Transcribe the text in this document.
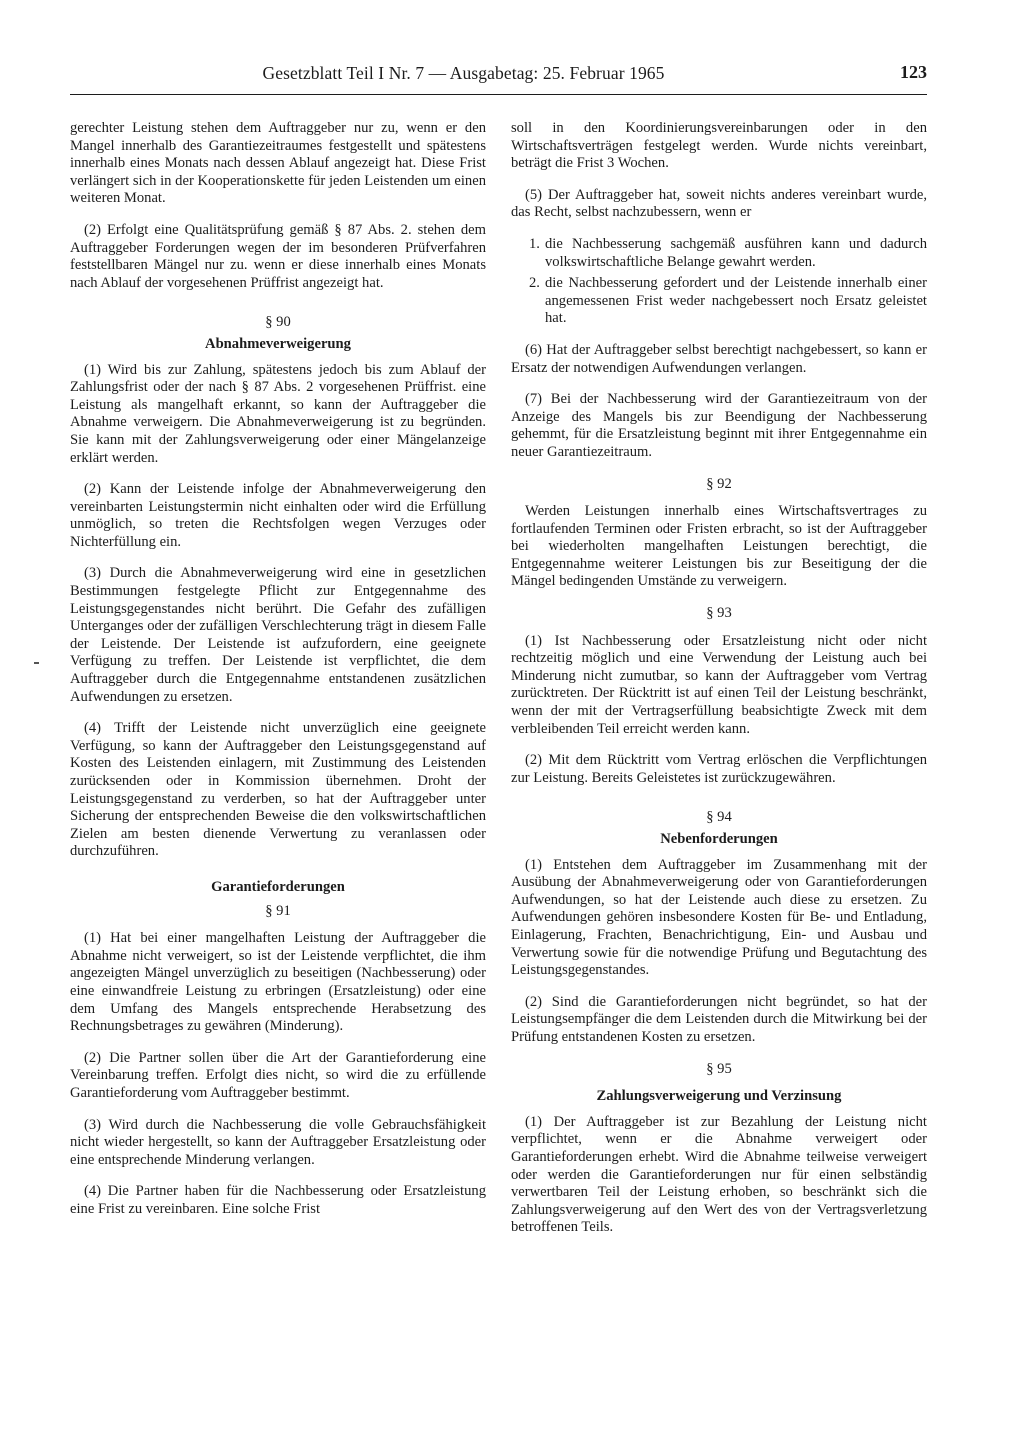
Gesetzblatt Teil I Nr. 7 — Ausgabetag: 25. Februar 1965	123

gerechter Leistung stehen dem Auftraggeber nur zu, wenn er den Mangel innerhalb des Garantiezeitraumes festgestellt und spätestens innerhalb eines Monats nach dessen Ablauf angezeigt hat. Diese Frist verlängert sich in der Kooperationskette für jeden Leistenden um einen weiteren Monat.

(2) Erfolgt eine Qualitätsprüfung gemäß § 87 Abs. 2. stehen dem Auftraggeber Forderungen wegen der im besonderen Prüfverfahren feststellbaren Mängel nur zu. wenn er diese innerhalb eines Monats nach Ablauf der vorgesehenen Prüffrist angezeigt hat.

§ 90
Abnahmeverweigerung

(1) Wird bis zur Zahlung, spätestens jedoch bis zum Ablauf der Zahlungsfrist oder der nach § 87 Abs. 2 vorgesehenen Prüffrist. eine Leistung als mangelhaft erkannt, so kann der Auftraggeber die Abnahme verweigern. Die Abnahmeverweigerung ist zu begründen. Sie kann mit der Zahlungsverweigerung oder einer Mängelanzeige erklärt werden.

(2) Kann der Leistende infolge der Abnahmeverweigerung den vereinbarten Leistungstermin nicht einhalten oder wird die Erfüllung unmöglich, so treten die Rechtsfolgen wegen Verzuges oder Nichterfüllung ein.

(3) Durch die Abnahmeverweigerung wird eine in gesetzlichen Bestimmungen festgelegte Pflicht zur Entgegennahme des Leistungsgegenstandes nicht berührt. Die Gefahr des zufälligen Unterganges oder der zufälligen Verschlechterung trägt in diesem Falle der Leistende. Der Leistende ist aufzufordern, eine geeignete Verfügung zu treffen. Der Leistende ist verpflichtet, die dem Auftraggeber durch die Entgegennahme entstandenen zusätzlichen Aufwendungen zu ersetzen.

(4) Trifft der Leistende nicht unverzüglich eine geeignete Verfügung, so kann der Auftraggeber den Leistungsgegenstand auf Kosten des Leistenden einlagern, mit Zustimmung des Leistenden zurücksenden oder in Kommission übernehmen. Droht der Leistungsgegenstand zu verderben, so hat der Auftraggeber unter Sicherung der entsprechenden Beweise die den volkswirtschaftlichen Zielen am besten dienende Verwertung zu veranlassen oder durchzuführen.

Garantieforderungen
§ 91

(1) Hat bei einer mangelhaften Leistung der Auftraggeber die Abnahme nicht verweigert, so ist der Leistende verpflichtet, die ihm angezeigten Mängel unverzüglich zu beseitigen (Nachbesserung) oder eine einwandfreie Leistung zu erbringen (Ersatzleistung) oder eine dem Umfang des Mangels entsprechende Herabsetzung des Rechnungsbetrages zu gewähren (Minderung).

(2) Die Partner sollen über die Art der Garantieforderung eine Vereinbarung treffen. Erfolgt dies nicht, so wird die zu erfüllende Garantieforderung vom Auftraggeber bestimmt.

(3) Wird durch die Nachbesserung die volle Gebrauchsfähigkeit nicht wieder hergestellt, so kann der Auftraggeber Ersatzleistung oder eine entsprechende Minderung verlangen.

(4) Die Partner haben für die Nachbesserung oder Ersatzleistung eine Frist zu vereinbaren. Eine solche Frist

soll in den Koordinierungsvereinbarungen oder in den Wirtschaftsverträgen festgelegt werden. Wurde nichts vereinbart, beträgt die Frist 3 Wochen.

(5) Der Auftraggeber hat, soweit nichts anderes vereinbart wurde, das Recht, selbst nachzubessern, wenn er

1. die Nachbesserung sachgemäß ausführen kann und dadurch volkswirtschaftliche Belange gewahrt werden.
2. die Nachbesserung gefordert und der Leistende innerhalb einer angemessenen Frist weder nachgebessert noch Ersatz geleistet hat.

(6) Hat der Auftraggeber selbst berechtigt nachgebessert, so kann er Ersatz der notwendigen Aufwendungen verlangen.

(7) Bei der Nachbesserung wird der Garantiezeitraum von der Anzeige des Mangels bis zur Beendigung der Nachbesserung gehemmt, für die Ersatzleistung beginnt mit ihrer Entgegennahme ein neuer Garantiezeitraum.

§ 92

Werden Leistungen innerhalb eines Wirtschaftsvertrages zu fortlaufenden Terminen oder Fristen erbracht, so ist der Auftraggeber bei wiederholten mangelhaften Leistungen berechtigt, die Entgegennahme weiterer Leistungen bis zur Beseitigung der die Mängel bedingenden Umstände zu verweigern.

§ 93

(1) Ist Nachbesserung oder Ersatzleistung nicht oder nicht rechtzeitig möglich und eine Verwendung der Leistung auch bei Minderung nicht zumutbar, so kann der Auftraggeber vom Vertrag zurücktreten. Der Rücktritt ist auf einen Teil der Leistung beschränkt, wenn der mit der Vertragserfüllung beabsichtigte Zweck mit dem verbleibenden Teil erreicht werden kann.

(2) Mit dem Rücktritt vom Vertrag erlöschen die Verpflichtungen zur Leistung. Bereits Geleistetes ist zurückzugewähren.

§ 94
Nebenforderungen

(1) Entstehen dem Auftraggeber im Zusammenhang mit der Ausübung der Abnahmeverweigerung oder von Garantieforderungen Aufwendungen, so hat der Leistende auch diese zu ersetzen. Zu Aufwendungen gehören insbesondere Kosten für Be- und Entladung, Einlagerung, Frachten, Benachrichtigung, Ein- und Ausbau und Verwertung sowie für die notwendige Prüfung und Begutachtung des Leistungsgegenstandes.

(2) Sind die Garantieforderungen nicht begründet, so hat der Leistungsempfänger die dem Leistenden durch die Mitwirkung bei der Prüfung entstandenen Kosten zu ersetzen.

§ 95
Zahlungsverweigerung und Verzinsung

(1) Der Auftraggeber ist zur Bezahlung der Leistung nicht verpflichtet, wenn er die Abnahme verweigert oder Garantieforderungen erhebt. Wird die Abnahme teilweise verweigert oder werden die Garantieforderungen nur für einen selbständig verwertbaren Teil der Leistung erhoben, so beschränkt sich die Zahlungsverweigerung auf den Wert des von der Vertragsverletzung betroffenen Teils.
